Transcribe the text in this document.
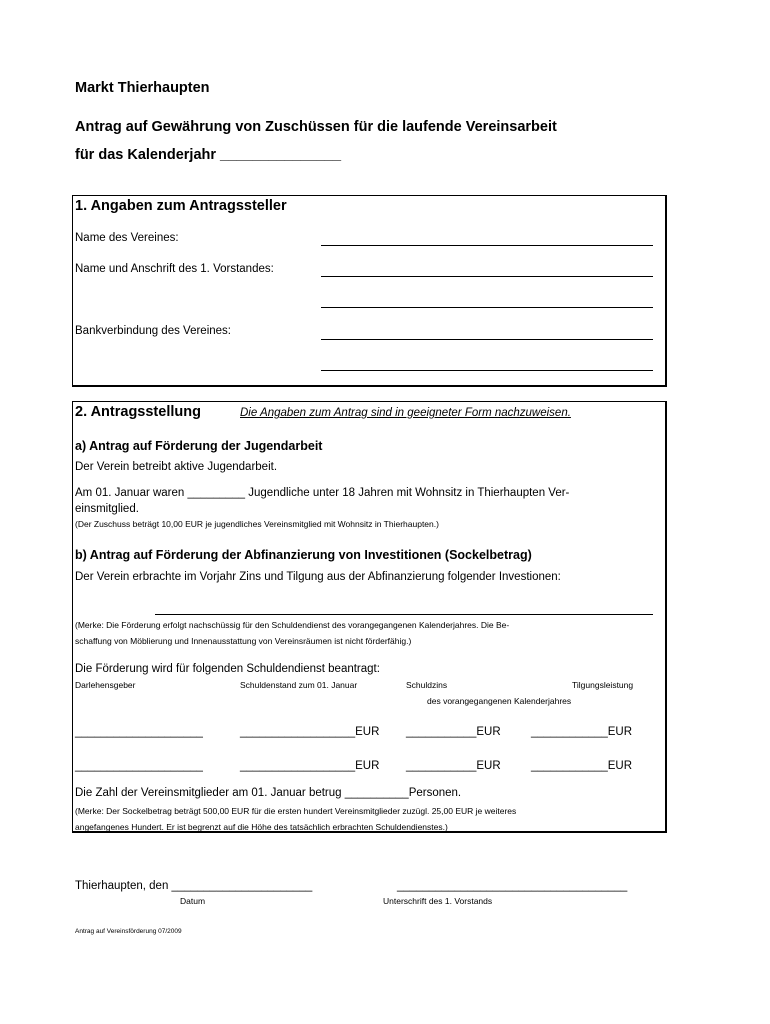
Markt Thierhaupten
Antrag auf Gewährung von Zuschüssen für die laufende Vereinsarbeit
für das Kalenderjahr _______________
1. Angaben zum Antragssteller
Name des Vereines:
Name und Anschrift des 1. Vorstandes:
Bankverbindung des Vereines:
2. Antragsstellung	Die Angaben zum Antrag sind in geeigneter Form nachzuweisen.
a) Antrag auf Förderung der Jugendarbeit
Der Verein betreibt aktive Jugendarbeit.
Am 01. Januar waren _________ Jugendliche unter 18 Jahren mit Wohnsitz in Thierhaupten Ver-
einsmitglied.
(Der Zuschuss beträgt 10,00 EUR je jugendliches Vereinsmitglied mit Wohnsitz in Thierhaupten.)
b) Antrag auf Förderung der Abfinanzierung von Investitionen (Sockelbetrag)
Der Verein erbrachte im Vorjahr Zins und Tilgung aus der Abfinanzierung folgender Investionen:
(Merke: Die Förderung erfolgt nachschüssig für den Schuldendienst des vorangegangenen Kalenderjahres. Die Be-
schaffung von Möblierung und Innenausstattung von Vereinsräumen ist nicht förderfähig.)
Die Förderung wird für folgenden Schuldendienst beantragt:
Darlehensgeber	Schuldenstand zum 01. Januar	Schuldzins	Tilgungsleistung
des vorangegangenen Kalenderjahres
____________________	__________________EUR ___________EUR	____________EUR
____________________	__________________EUR ___________EUR	____________EUR
Die Zahl der Vereinsmitglieder am 01. Januar betrug __________Personen.
(Merke: Der Sockelbetrag beträgt 500,00 EUR für die ersten hundert Vereinsmitglieder zuzügl. 25,00 EUR je weiteres
angefangenes Hundert. Er ist begrenzt auf die Höhe des tatsächlich erbrachten Schuldendienstes.)
Thierhaupten, den ______________________	____________________________________
Datum	Unterschrift des 1. Vorstands
Antrag auf Vereinsförderung 07/2009
